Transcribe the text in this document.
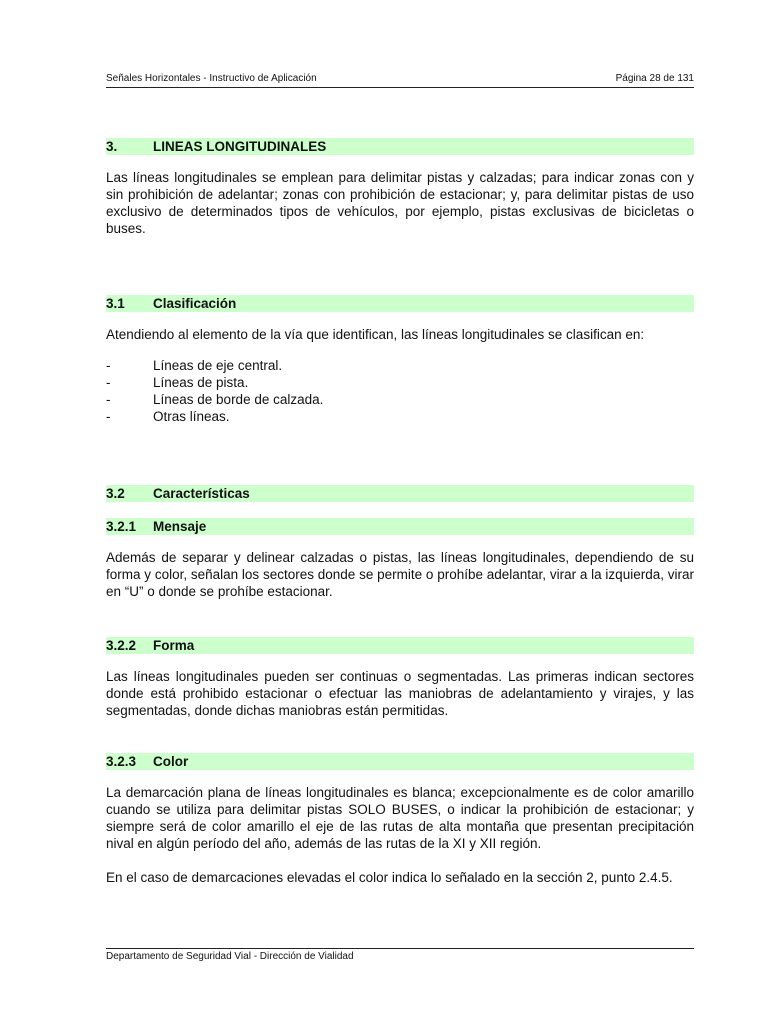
Señales Horizontales - Instructivo de Aplicación	Página 28 de 131
3.	LINEAS LONGITUDINALES

Las líneas longitudinales se emplean para delimitar pistas y calzadas; para indicar zonas con y sin prohibición de adelantar; zonas con prohibición de estacionar; y, para delimitar pistas de uso exclusivo de determinados tipos de vehículos, por ejemplo, pistas exclusivas de bicicletas o buses.

3.1 Clasificación

Atendiendo al elemento de la vía que identifican, las líneas longitudinales se clasifican en:

-	Líneas de eje central.
-	Líneas de pista.
-	Líneas de borde de calzada.
-	Otras líneas.
3.2 Características
3.2.1 Mensaje

Además de separar y delinear calzadas o pistas, las líneas longitudinales, dependiendo de su forma y color, señalan los sectores donde se permite o prohíbe adelantar, virar a la izquierda, virar en “U” o donde se prohíbe estacionar.

3.2.2 Forma

Las líneas longitudinales pueden ser continuas o segmentadas. Las primeras indican sectores donde está prohibido estacionar o efectuar las maniobras de adelantamiento y virajes, y las segmentadas, donde dichas maniobras están permitidas.

3.2.3 Color

La demarcación plana de líneas longitudinales es blanca; excepcionalmente es de color amarillo cuando se utiliza para delimitar pistas SOLO BUSES, o indicar la prohibición de estacionar; y siempre será de color amarillo el eje de las rutas de alta montaña que presentan precipitación nival en algún período del año, además de las rutas de la XI y XII región.

En el caso de demarcaciones elevadas el color indica lo señalado en la sección 2, punto 2.4.5.

Departamento de Seguridad Vial - Dirección de Vialidad
